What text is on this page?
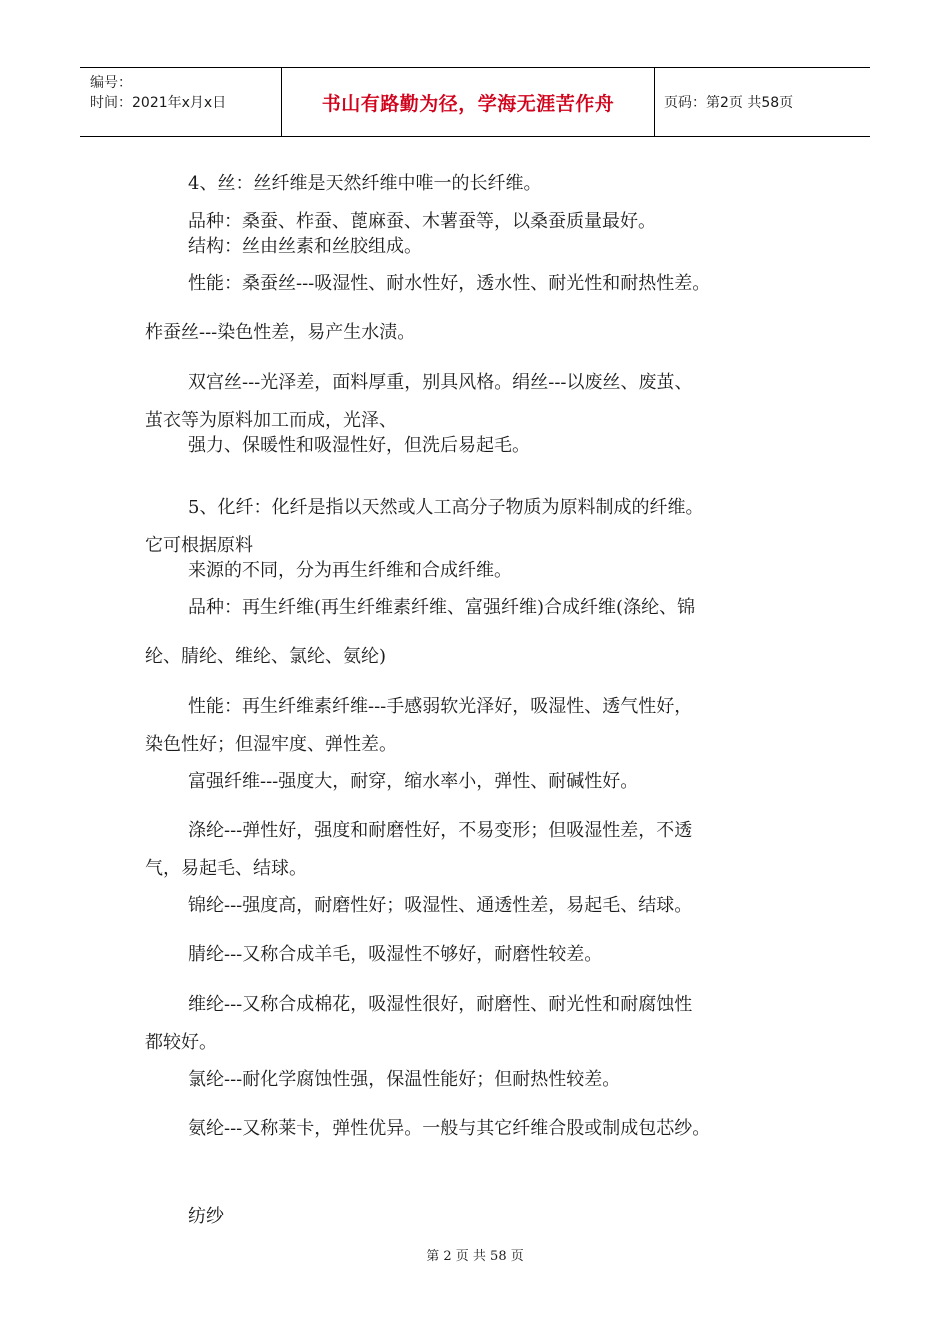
编号：
时间：2021年x月x日	书山有路勤为径，学海无涯苦作舟	页码：第2页 共58页
4、丝：丝纤维是天然纤维中唯一的长纤维。
品种：桑蚕、柞蚕、蓖麻蚕、木薯蚕等，以桑蚕质量最好。
结构：丝由丝素和丝胶组成。
性能：桑蚕丝---吸湿性、耐水性好，透水性、耐光性和耐热性差。
柞蚕丝---染色性差，易产生水渍。
双宫丝---光泽差，面料厚重，别具风格。绢丝---以废丝、废茧、
茧衣等为原料加工而成，光泽、
强力、保暖性和吸湿性好，但洗后易起毛。
5、化纤：化纤是指以天然或人工高分子物质为原料制成的纤维。
它可根据原料
来源的不同，分为再生纤维和合成纤维。
品种：再生纤维(再生纤维素纤维、富强纤维)合成纤维(涤纶、锦
纶、腈纶、维纶、氯纶、氨纶)
性能：再生纤维素纤维---手感弱软光泽好，吸湿性、透气性好，
染色性好；但湿牢度、弹性差。
富强纤维---强度大，耐穿，缩水率小，弹性、耐碱性好。
涤纶---弹性好，强度和耐磨性好，不易变形；但吸湿性差，不透
气，易起毛、结球。
锦纶---强度高，耐磨性好；吸湿性、通透性差，易起毛、结球。
腈纶---又称合成羊毛，吸湿性不够好，耐磨性较差。
维纶---又称合成棉花，吸湿性很好，耐磨性、耐光性和耐腐蚀性
都较好。
氯纶---耐化学腐蚀性强，保温性能好；但耐热性较差。
氨纶---又称莱卡，弹性优异。一般与其它纤维合股或制成包芯纱。
纺纱
第 2 页 共 58 页
